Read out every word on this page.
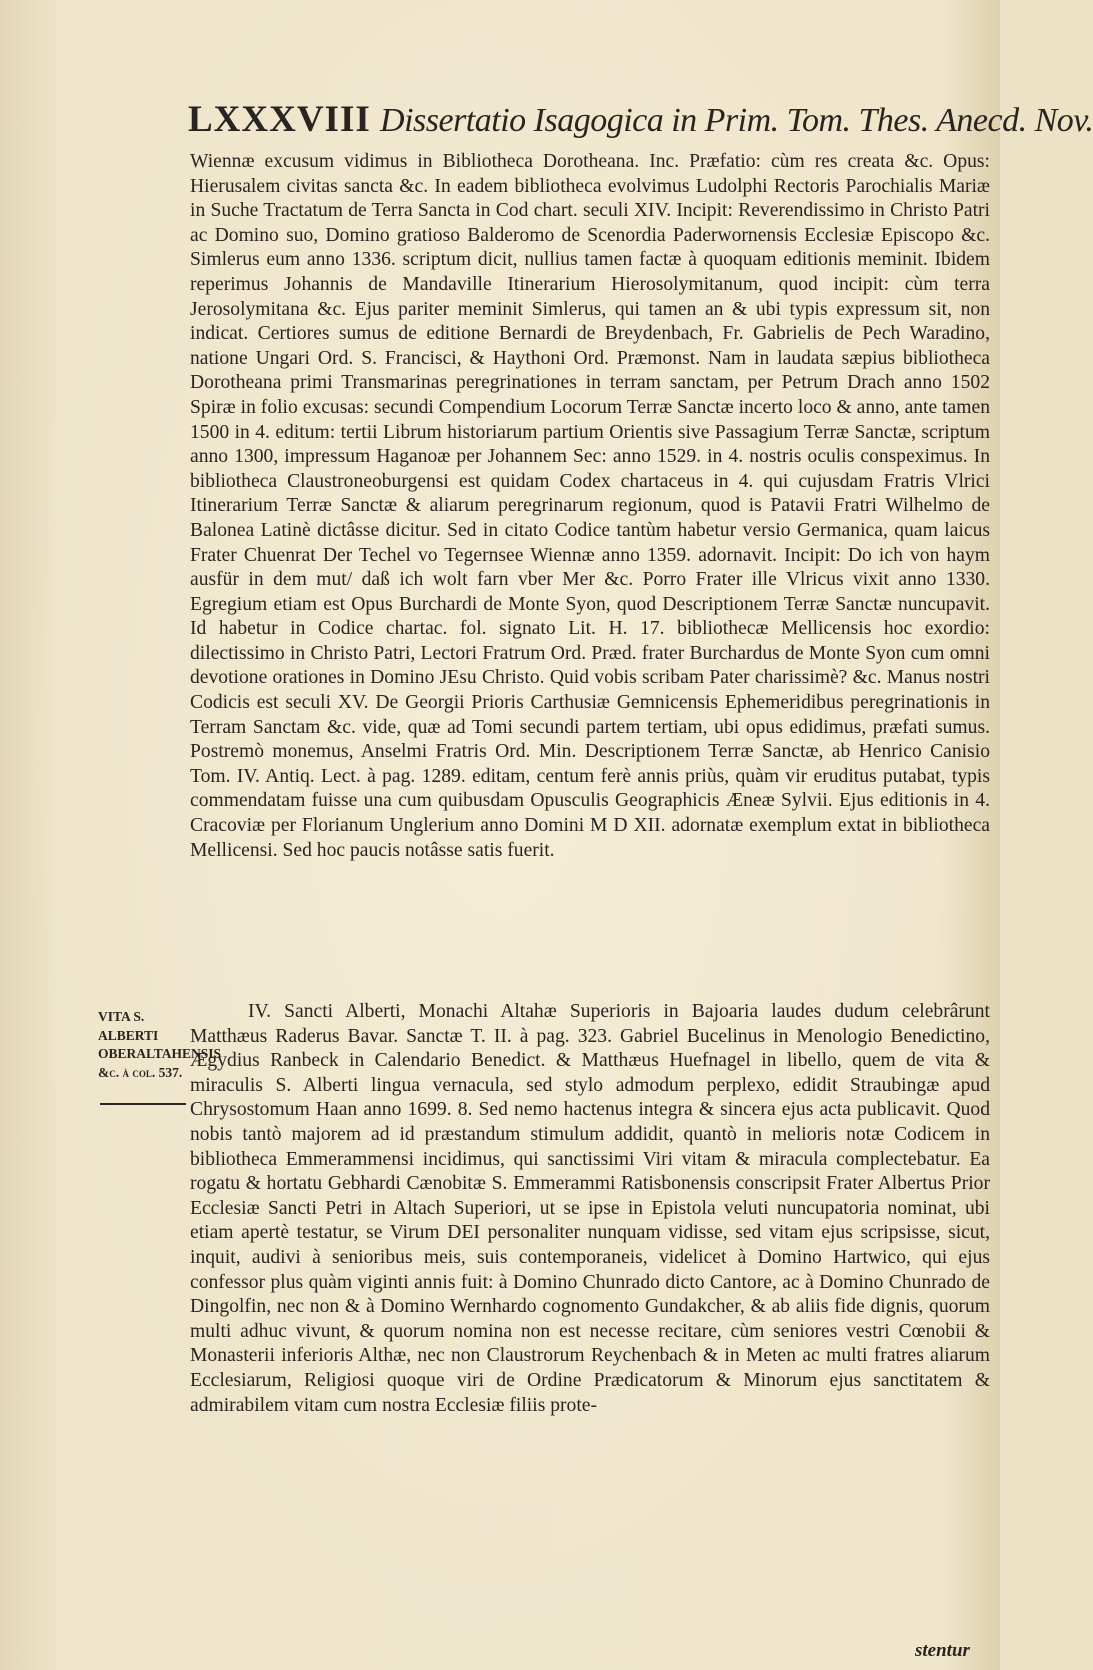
LXXXVIII Dissertatio Isagogica in Prim. Tom. Thes. Anecd. Nov.

Wiennæ excusum vidimus in Bibliotheca Dorotheana. Inc. Præfatio: cùm res creata &c. Opus: Hierusalem civitas sancta &c. In eadem bibliotheca evolvimus Ludolphi Rectoris Parochialis Mariæ in Suche Tractatum de Terra Sancta in Cod chart. seculi XIV. Incipit: Reverendissimo in Christo Patri ac Domino suo, Domino gratioso Balderomo de Scenordia Paderwornensis Ecclesiæ Episcopo &c. Simlerus eum anno 1336. scriptum dicit, nullius tamen factæ à quoquam editionis meminit. Ibidem reperimus Johannis de Mandaville Itinerarium Hierosolymitanum, quod incipit: cùm terra Jerosolymitana &c. Ejus pariter meminit Simlerus, qui tamen an & ubi typis expressum sit, non indicat. Certiores sumus de editione Bernardi de Breydenbach, Fr. Gabrielis de Pech Waradino, natione Ungari Ord. S. Francisci, & Haythoni Ord. Præmonst. Nam in laudata sæpius bibliotheca Dorotheana primi Transmarinas peregrinationes in terram sanctam, per Petrum Drach anno 1502 Spiræ in folio excusas: secundi Compendium Locorum Terræ Sanctæ incerto loco & anno, ante tamen 1500 in 4. editum: tertii Librum historiarum partium Orientis sive Passagium Terræ Sanctæ, scriptum anno 1300, impressum Haganoæ per Johannem Sec: anno 1529. in 4. nostris oculis conspeximus. In bibliotheca Claustroneoburgensi est quidam Codex chartaceus in 4. qui cujusdam Fratris Vlrici Itinerarium Terræ Sanctæ & aliarum peregrinarum regionum, quod is Patavii Fratri Wilhelmo de Balonea Latinè dictâsse dicitur. Sed in citato Codice tantùm habetur versio Germanica, quam laicus Frater Chuenrat Der Techel vo Tegernsee Wiennæ anno 1359. adornavit. Incipit: Do ich von haym ausfür in dem mut/ daß ich wolt farn vber Mer &c. Porro Frater ille Vlricus vixit anno 1330. Egregium etiam est Opus Burchardi de Monte Syon, quod Descriptionem Terræ Sanctæ nuncupavit. Id habetur in Codice chartac. fol. signato Lit. H. 17. bibliothecæ Mellicensis hoc exordio: dilectissimo in Christo Patri, Lectori Fratrum Ord. Præd. frater Burchardus de Monte Syon cum omni devotione orationes in Domino JEsu Christo. Quid vobis scribam Pater charissimè? &c. Manus nostri Codicis est seculi XV. De Georgii Prioris Carthusiæ Gemnicensis Ephemeridibus peregrinationis in Terram Sanctam &c. vide, quæ ad Tomi secundi partem tertiam, ubi opus edidimus, præfati sumus. Postremò monemus, Anselmi Fratris Ord. Min. Descriptionem Terræ Sanctæ, ab Henrico Canisio Tom. IV. Antiq. Lect. à pag. 1289. editam, centum ferè annis priùs, quàm vir eruditus putabat, typis commendatam fuisse una cum quibusdam Opusculis Geographicis Æneæ Sylvii. Ejus editionis in 4. Cracoviæ per Florianum Unglerium anno Domini M D XII. adornatæ exemplum extat in bibliotheca Mellicensi. Sed hoc paucis notâsse satis fuerit.

VITA S. ALBERTI OBERALTAHENSIS &c. à col. 537.

IV. Sancti Alberti, Monachi Altahæ Superioris in Bajoaria laudes dudum celebrârunt Matthæus Raderus Bavar. Sanctæ T. II. à pag. 323. Gabriel Bucelinus in Menologio Benedictino, Ægydius Ranbeck in Calendario Benedict. & Matthæus Huefnagel in libello, quem de vita & miraculis S. Alberti lingua vernacula, sed stylo admodum perplexo, edidit Straubingæ apud Chrysostomum Haan anno 1699. 8. Sed nemo hactenus integra & sincera ejus acta publicavit. Quod nobis tantò majorem ad id præstandum stimulum addidit, quantò in melioris notæ Codicem in bibliotheca Emmerammensi incidimus, qui sanctissimi Viri vitam & miracula complectebatur. Ea rogatu & hortatu Gebhardi Cænobitæ S. Emmerammi Ratisbonensis conscripsit Frater Albertus Prior Ecclesiæ Sancti Petri in Altach Superiori, ut se ipse in Epistola veluti nuncupatoria nominat, ubi etiam apertè testatur, se Virum DEI personaliter nunquam vidisse, sed vitam ejus scripsisse, sicut, inquit, audivi à senioribus meis, suis contemporaneis, videlicet à Domino Hartwico, qui ejus confessor plus quàm viginti annis fuit: à Domino Chunrado dicto Cantore, ac à Domino Chunrado de Dingolfin, nec non & à Domino Wernhardo cognomento Gundakcher, & ab aliis fide dignis, quorum multi adhuc vivunt, & quorum nomina non est necesse recitare, cùm seniores vestri Cœnobii & Monasterii inferioris Althæ, nec non Claustrorum Reychenbach & in Meten ac multi fratres aliarum Ecclesiarum, Religiosi quoque viri de Ordine Prædicatorum & Minorum ejus sanctitatem & admirabilem vitam cum nostra Ecclesiæ filiis prote-

stentur
